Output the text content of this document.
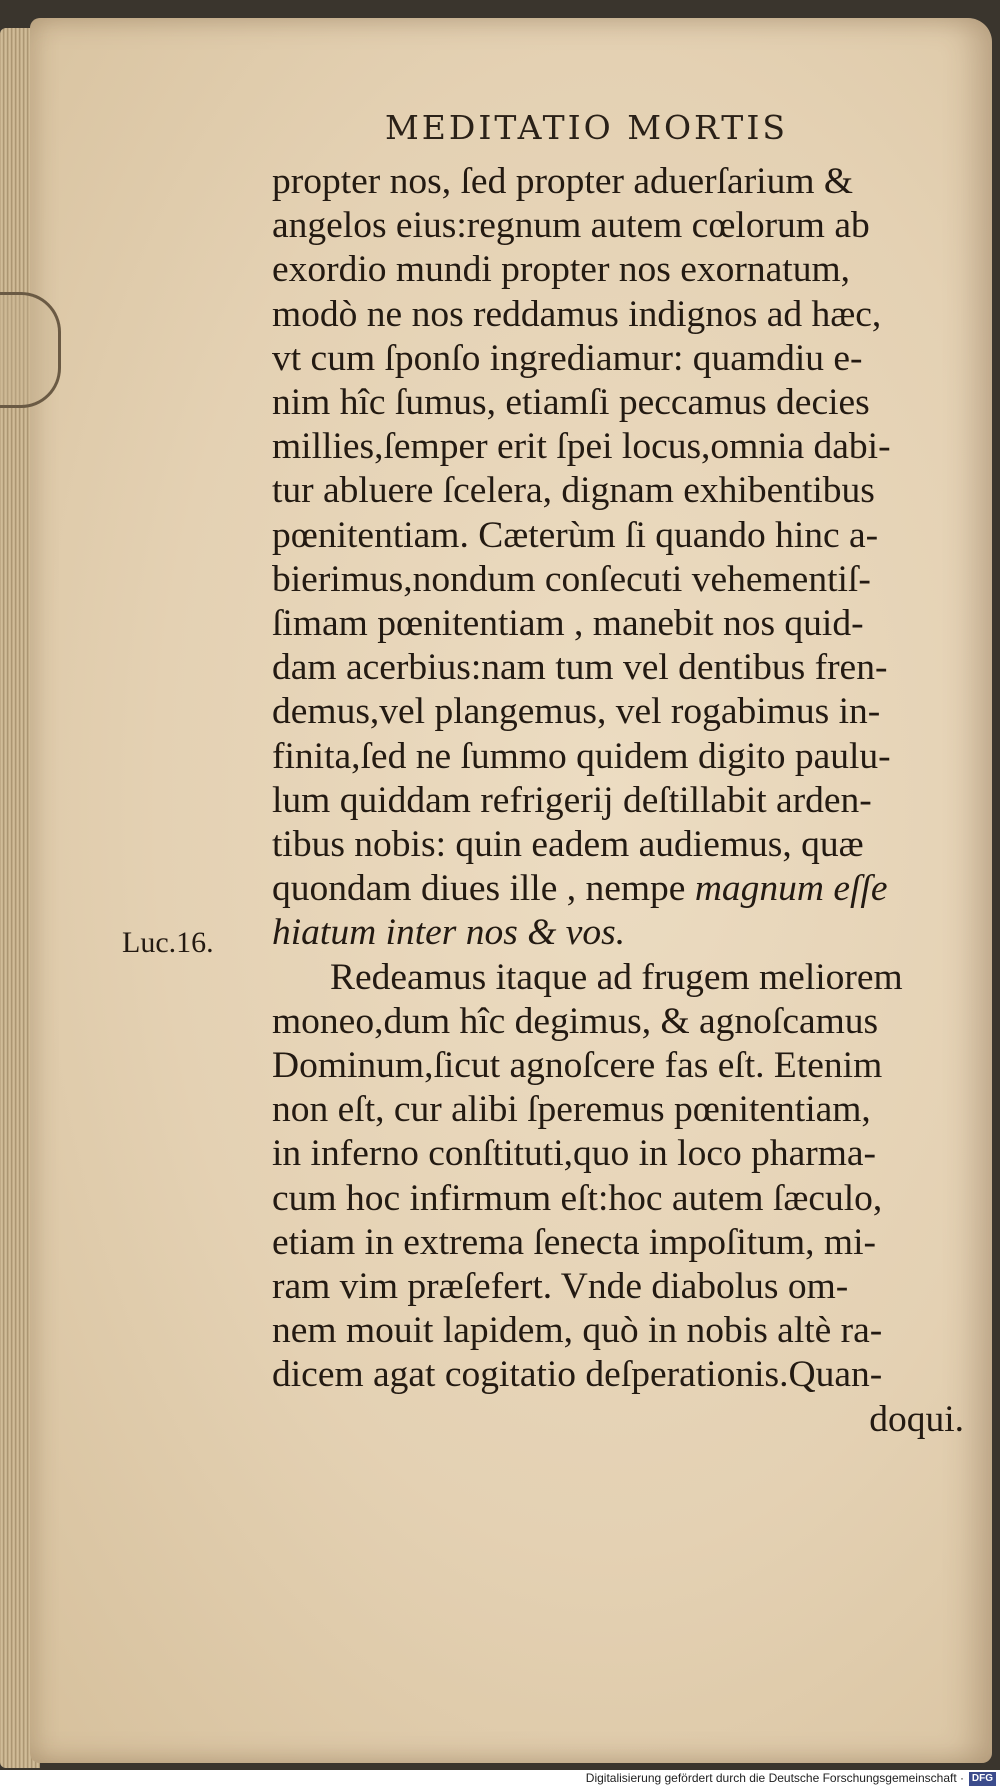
MEDITATIO MORTIS
Luc.16.
propter nos, ſed propter aduerſarium &
angelos eius:regnum autem cœlorum ab
exordio mundi propter nos exornatum,
modò ne nos reddamus indignos ad hæc,
vt cum ſponſo ingrediamur: quamdiu e-
nim hîc ſumus, etiamſi peccamus decies
millies,ſemper erit ſpei locus,omnia dabi-
tur abluere ſcelera, dignam exhibentibus
pœnitentiam. Cæterùm ſi quando hinc a-
bierimus,nondum conſecuti vehementiſ-
ſimam pœnitentiam , manebit nos quid-
dam acerbius:nam tum vel dentibus fren-
demus,vel plangemus, vel rogabimus in-
finita,ſed ne ſummo quidem digito paulu-
lum quiddam refrigerij deſtillabit arden-
tibus nobis: quin eadem audiemus, quæ
quondam diues ille , nempe magnum eſſe
hiatum inter nos & vos.
Redeamus itaque ad frugem meliorem
moneo,dum hîc degimus, & agnoſcamus
Dominum,ſicut agnoſcere fas eſt. Etenim
non eſt, cur alibi ſperemus pœnitentiam,
in inferno conſtituti,quo in loco pharma-
cum hoc infirmum eſt:hoc autem ſæculo,
etiam in extrema ſenecta impoſitum, mi-
ram vim præſefert. Vnde diabolus om-
nem mouit lapidem, quò in nobis altè ra-
dicem agat cogitatio deſperationis.Quan-
doqui.
Digitalisierung gefördert durch die Deutsche Forschungsgemeinschaft · DFG
